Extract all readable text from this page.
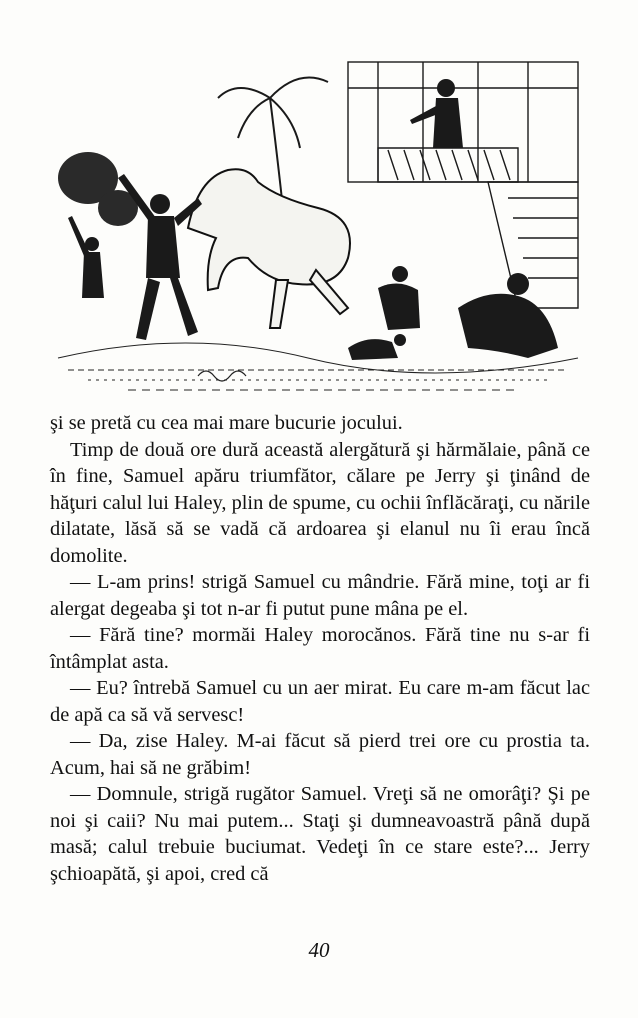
şi se pretă cu cea mai mare bucurie jocului.

Timp de două ore dură această alergătură şi hărmălaie, până ce în fine, Samuel apăru triumfător, călare pe Jerry şi ţinând de hăţuri calul lui Haley, plin de spume, cu ochii înflăcăraţi, cu nările dilatate, lăsă să se vadă că ardoarea şi elanul nu îi erau încă domolite.

— L-am prins! strigă Samuel cu mândrie. Fără mine, toţi ar fi alergat degeaba şi tot n-ar fi putut pune mâna pe el.

— Fără tine? mormăi Haley morocănos. Fără tine nu s-ar fi întâmplat asta.

— Eu? întrebă Samuel cu un aer mirat. Eu care m-am făcut lac de apă ca să vă servesc!

— Da, zise Haley. M-ai făcut să pierd trei ore cu prostia ta. Acum, hai să ne grăbim!

— Domnule, strigă rugător Samuel. Vreţi să ne omorâţi? Şi pe noi şi caii? Nu mai putem... Staţi şi dumneavoastră până după masă; calul trebuie buciumat. Vedeţi în ce stare este?... Jerry şchioapătă, şi apoi, cred că

40
